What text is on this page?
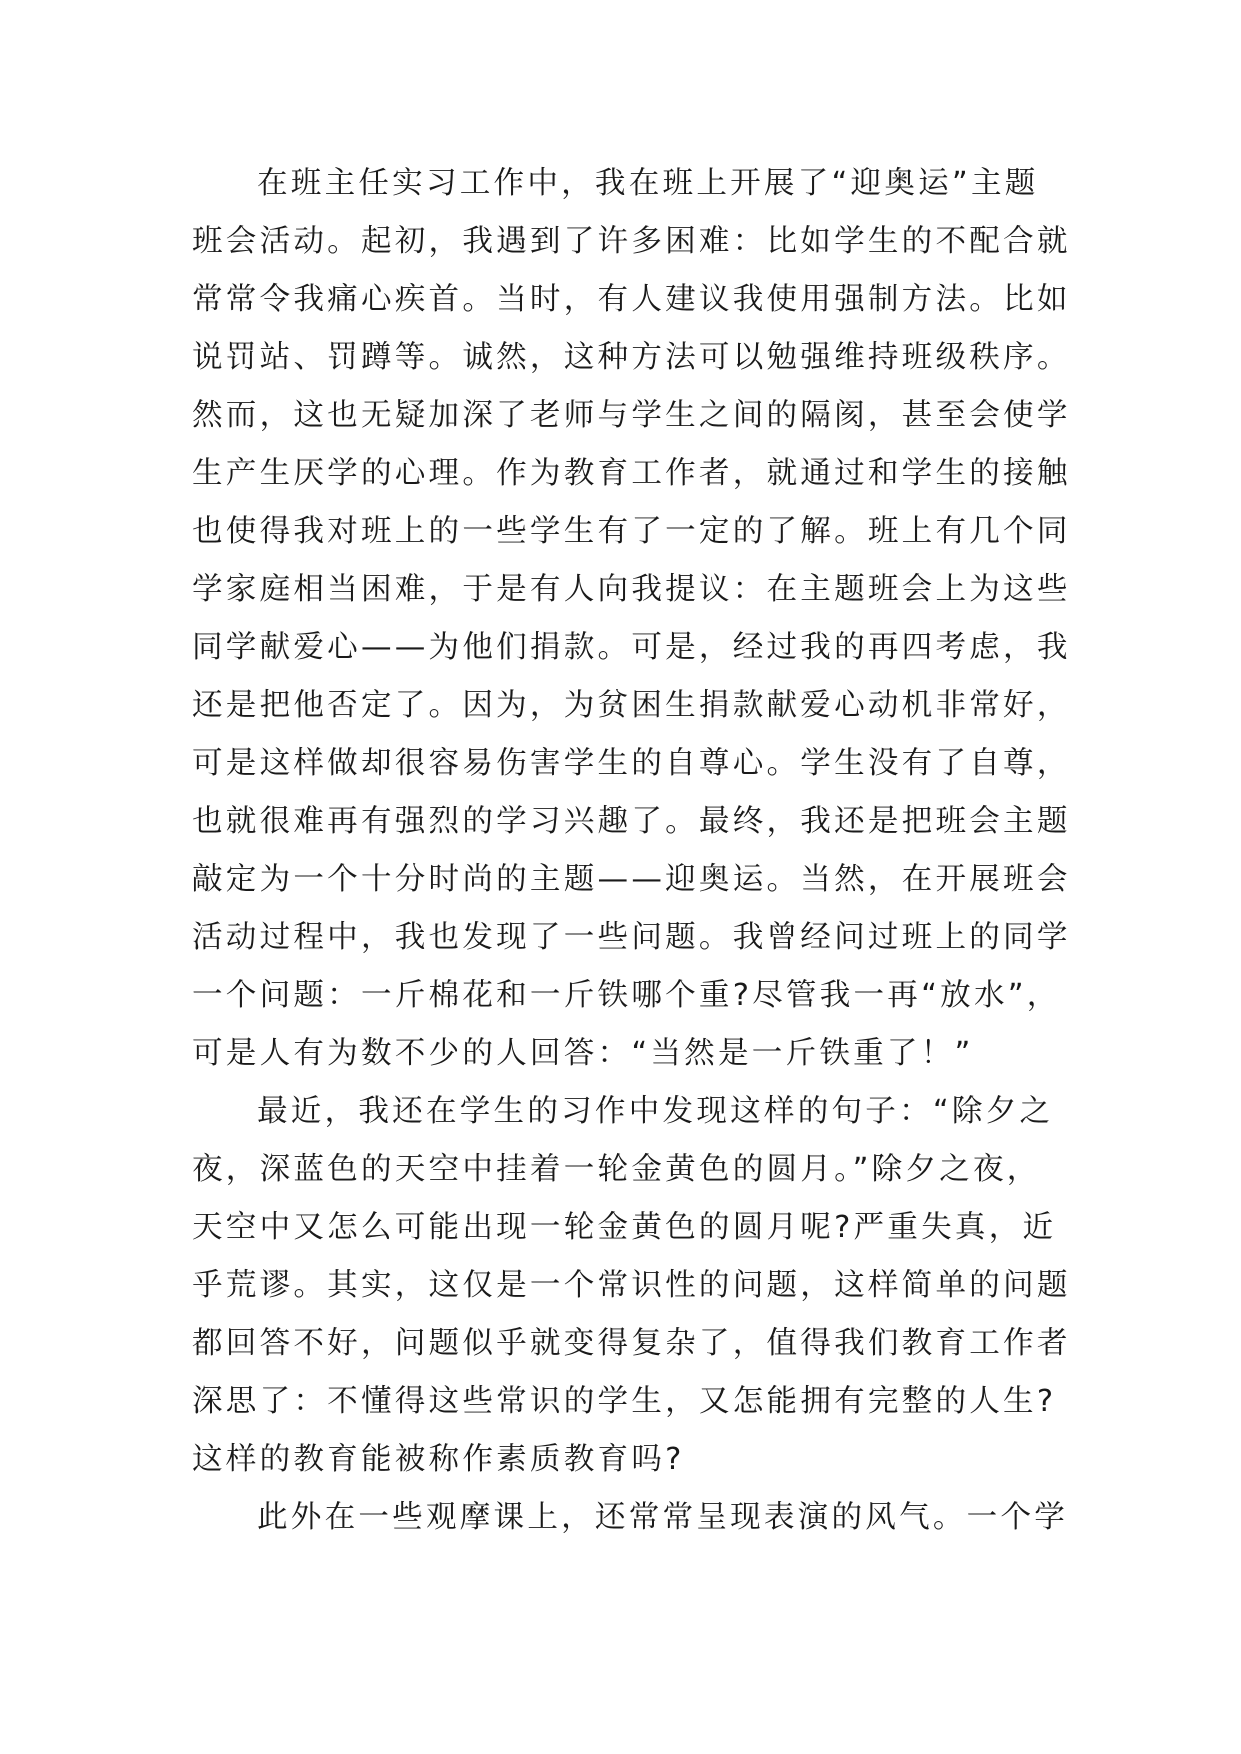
在班主任实习工作中，我在班上开展了“迎奥运”主题
班会活动。起初，我遇到了许多困难：比如学生的不配合就
常常令我痛心疾首。当时，有人建议我使用强制方法。比如
说罚站、罚蹲等。诚然，这种方法可以勉强维持班级秩序。
然而，这也无疑加深了老师与学生之间的隔阂，甚至会使学
生产生厌学的心理。作为教育工作者，就通过和学生的接触
也使得我对班上的一些学生有了一定的了解。班上有几个同
学家庭相当困难，于是有人向我提议：在主题班会上为这些
同学献爱心——为他们捐款。可是，经过我的再四考虑，我
还是把他否定了。因为，为贫困生捐款献爱心动机非常好，
可是这样做却很容易伤害学生的自尊心。学生没有了自尊，
也就很难再有强烈的学习兴趣了。最终，我还是把班会主题
敲定为一个十分时尚的主题——迎奥运。当然，在开展班会
活动过程中，我也发现了一些问题。我曾经问过班上的同学
一个问题：一斤棉花和一斤铁哪个重?尽管我一再“放水”，
可是人有为数不少的人回答：“当然是一斤铁重了！”
最近，我还在学生的习作中发现这样的句子：“除夕之
夜，深蓝色的天空中挂着一轮金黄色的圆月。”除夕之夜，
天空中又怎么可能出现一轮金黄色的圆月呢?严重失真，近
乎荒谬。其实，这仅是一个常识性的问题，这样简单的问题
都回答不好，问题似乎就变得复杂了，值得我们教育工作者
深思了：不懂得这些常识的学生，又怎能拥有完整的人生?
这样的教育能被称作素质教育吗?
此外在一些观摩课上，还常常呈现表演的风气。一个学
